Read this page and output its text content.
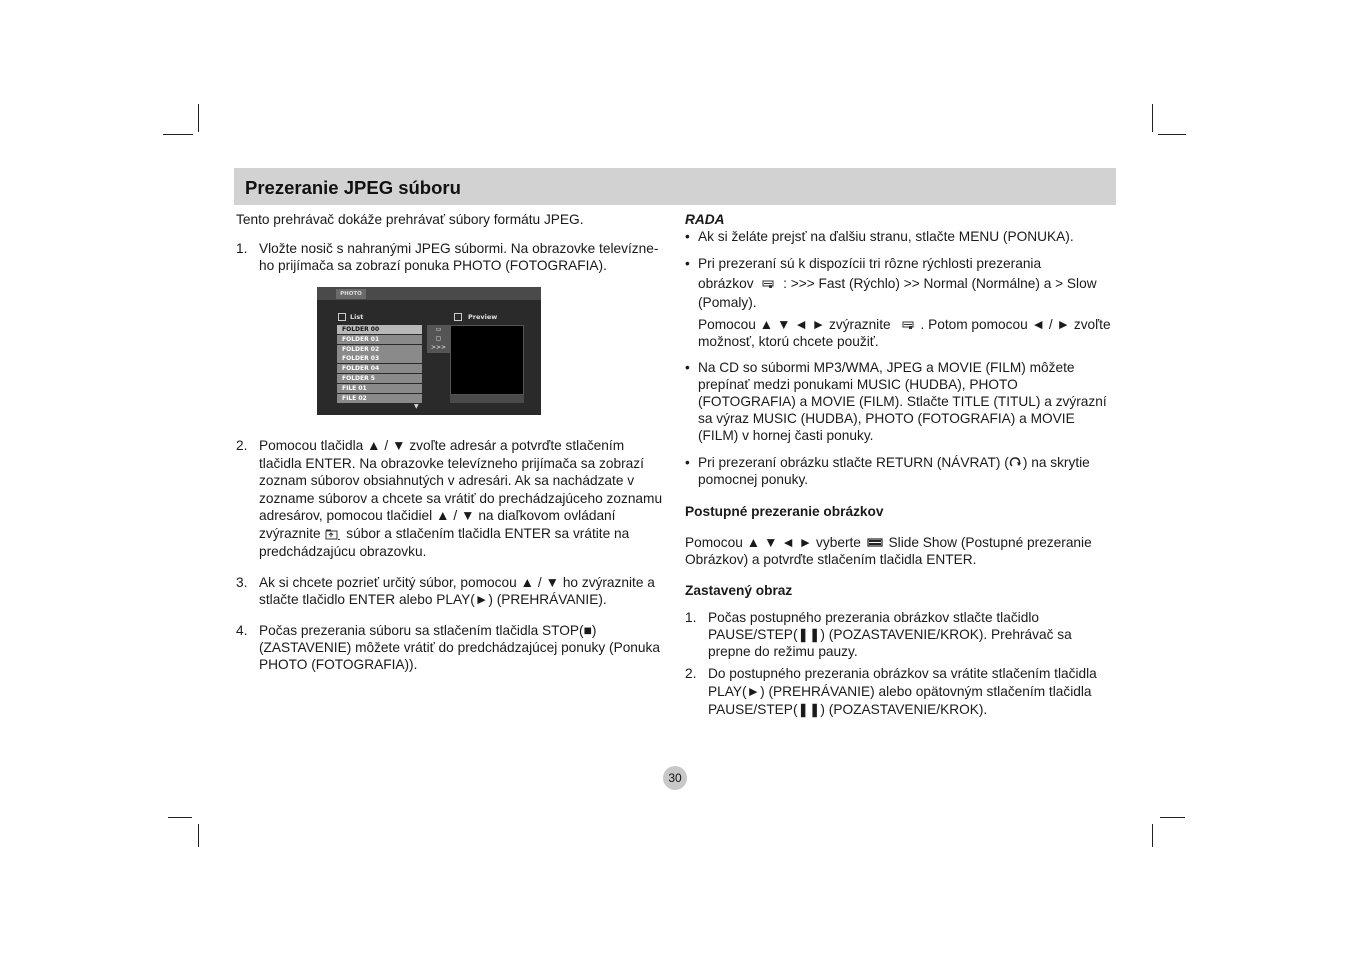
Prezeranie JPEG súboru

Tento prehrávač dokáže prehrávať súbory formátu JPEG.

1. Vložte nosič s nahranými JPEG súbormi. Na obrazovke televízne-ho prijímača sa zobrazí ponuka PHOTO (FOTOGRAFIA).
2. Pomocou tlačidla ▲ / ▼ zvoľte adresár a potvrďte stlačením tlačidla ENTER. Na obrazovke televízneho prijímača sa zobrazí zoznam súborov obsiahnutých v adresári. Ak sa nachádzate v zozname súborov a chcete sa vrátiť do prechádzajúceho zoznamu adresárov, pomocou tlačidiel ▲ / ▼ na diaľkovom ovládaní zvýraznite súbor a stlačením tlačidla ENTER sa vrátite na predchádzajúcu obrazovku.
3. Ak si chcete pozrieť určitý súbor, pomocou ▲ / ▼ ho zvýraznite a stlačte tlačidlo ENTER alebo PLAY(►) (PREHRÁVANIE).
4. Počas prezerania súboru sa stlačením tlačidla STOP(■) (ZASTAVENIE) môžete vrátiť do predchádzajúcej ponuky (Ponuka PHOTO (FOTOGRAFIA)).
PHOTO
List	Preview
FOLDER 00
FOLDER 01
FOLDER 02
FOLDER 03
FOLDER 04
FOLDER 5
FILE 01
FILE 02
▼
▭
▢
>>>

RADA

• Ak si želáte prejsť na ďalšiu stranu, stlačte MENU (PONUKA).
• Pri prezeraní sú k dispozícii tri rôzne rýchlosti prezerania
obrázkov : >>> Fast (Rýchlo) >> Normal (Normálne) a > Slow (Pomaly).
Pomocou ▲ ▼ ◄ ► zvýraznite . Potom pomocou ◄ / ► zvoľte možnosť, ktorú chcete použiť.
• Na CD so súbormi MP3/WMA, JPEG a MOVIE (FILM) môžete prepínať medzi ponukami MUSIC (HUDBA), PHOTO (FOTOGRAFIA) a MOVIE (FILM). Stlačte TITLE (TITUL) a zvýrazní sa výraz MUSIC (HUDBA), PHOTO (FOTOGRAFIA) a MOVIE (FILM) v hornej časti ponuky.
• Pri prezeraní obrázku stlačte RETURN (NÁVRAT) ( ) na skrytie pomocnej ponuky.

Postupné prezeranie obrázkov

Pomocou ▲ ▼ ◄ ► vyberte Slide Show (Postupné prezeranie Obrázkov) a potvrďte stlačením tlačidla ENTER.

Zastavený obraz

1. Počas postupného prezerania obrázkov stlačte tlačidlo PAUSE/STEP(❚❚) (POZASTAVENIE/KROK). Prehrávač sa prepne do režimu pauzy.
2. Do postupného prezerania obrázkov sa vrátite stlačením tlačidla PLAY(►) (PREHRÁVANIE) alebo opätovným stlačením tlačidla PAUSE/STEP(❚❚) (POZASTAVENIE/KROK).
30
